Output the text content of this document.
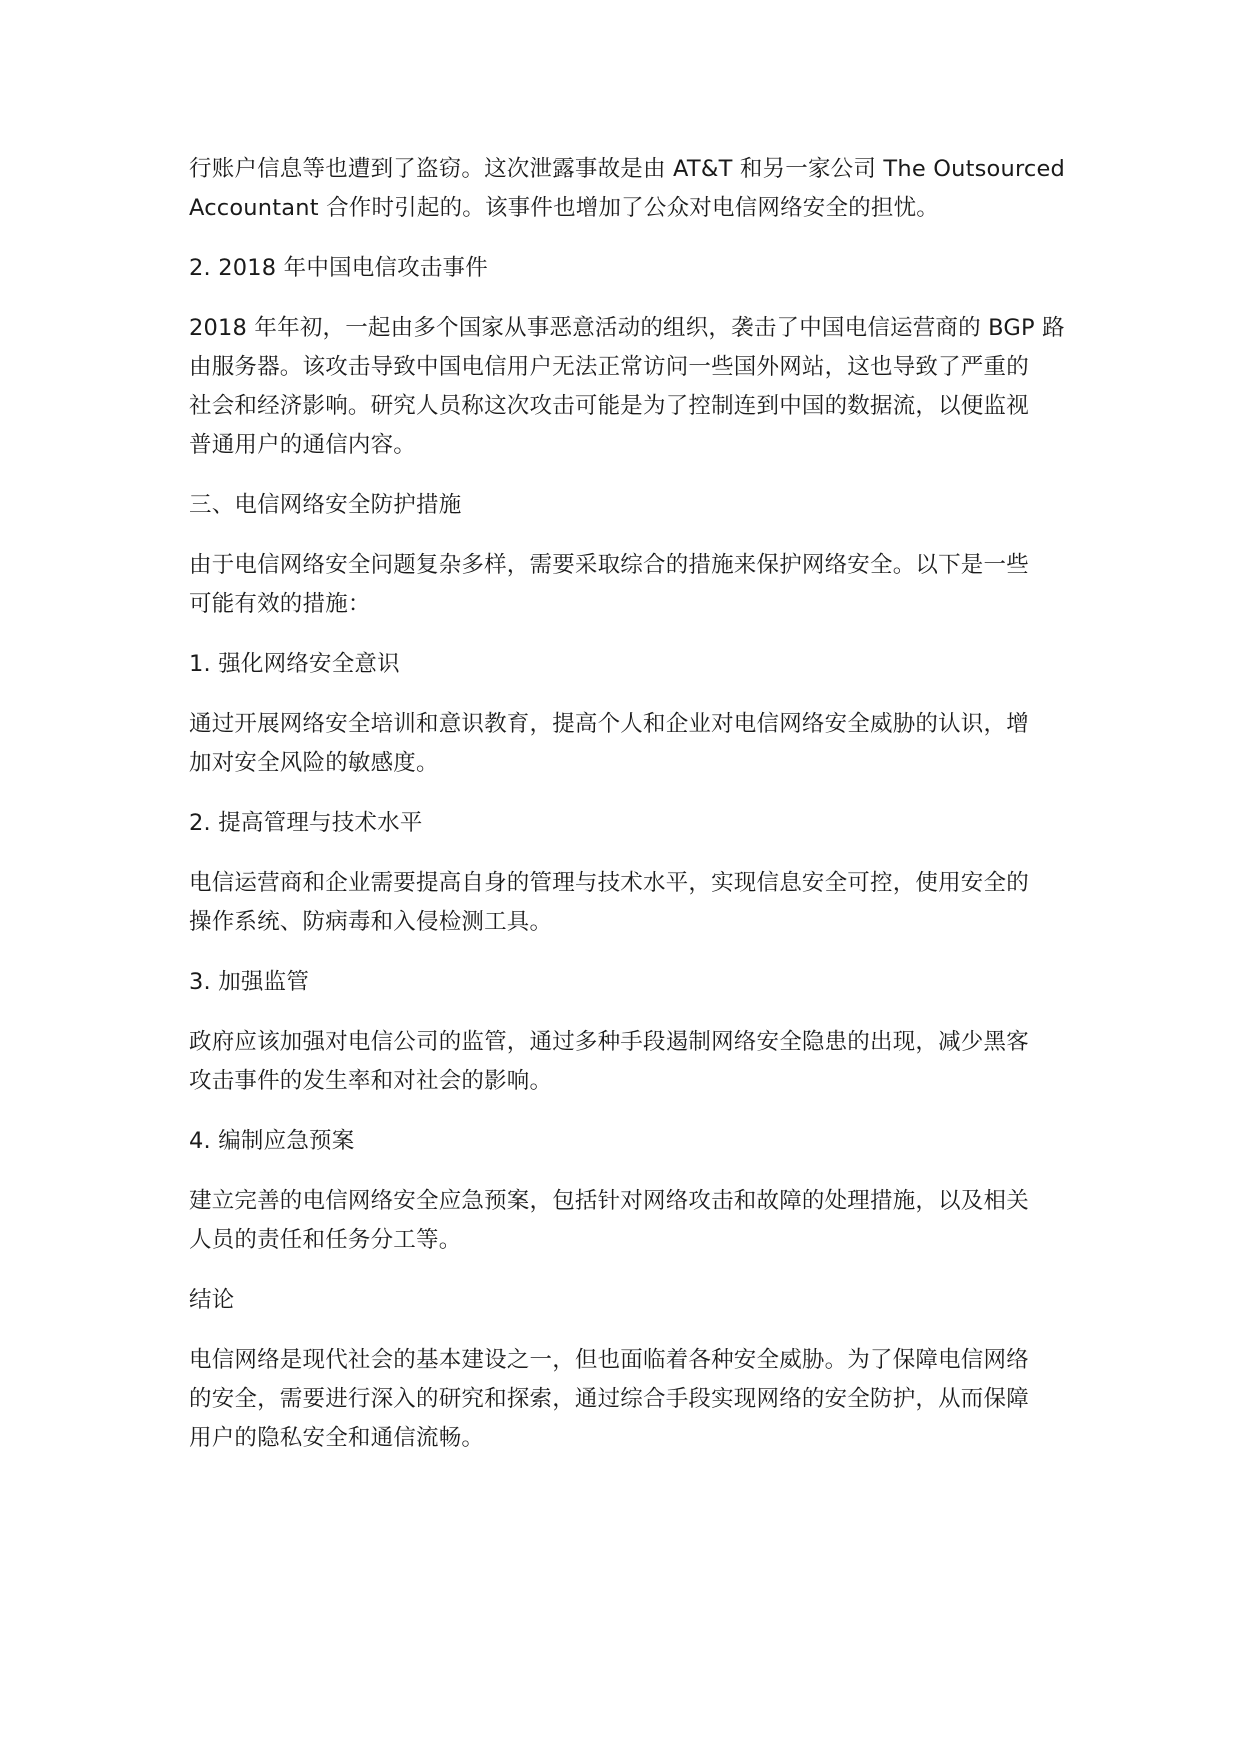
行账户信息等也遭到了盗窃。这次泄露事故是由 AT&T 和另一家公司 The Outsourced
Accountant 合作时引起的。该事件也增加了公众对电信网络安全的担忧。

2. 2018 年中国电信攻击事件

2018 年年初，一起由多个国家从事恶意活动的组织，袭击了中国电信运营商的 BGP 路
由服务器。该攻击导致中国电信用户无法正常访问一些国外网站，这也导致了严重的
社会和经济影响。研究人员称这次攻击可能是为了控制连到中国的数据流，以便监视
普通用户的通信内容。

三、电信网络安全防护措施

由于电信网络安全问题复杂多样，需要采取综合的措施来保护网络安全。以下是一些
可能有效的措施：

1. 强化网络安全意识

通过开展网络安全培训和意识教育，提高个人和企业对电信网络安全威胁的认识，增
加对安全风险的敏感度。

2. 提高管理与技术水平

电信运营商和企业需要提高自身的管理与技术水平，实现信息安全可控，使用安全的
操作系统、防病毒和入侵检测工具。

3. 加强监管

政府应该加强对电信公司的监管，通过多种手段遏制网络安全隐患的出现，减少黑客
攻击事件的发生率和对社会的影响。

4. 编制应急预案

建立完善的电信网络安全应急预案，包括针对网络攻击和故障的处理措施，以及相关
人员的责任和任务分工等。

结论

电信网络是现代社会的基本建设之一，但也面临着各种安全威胁。为了保障电信网络
的安全，需要进行深入的研究和探索，通过综合手段实现网络的安全防护，从而保障
用户的隐私安全和通信流畅。
